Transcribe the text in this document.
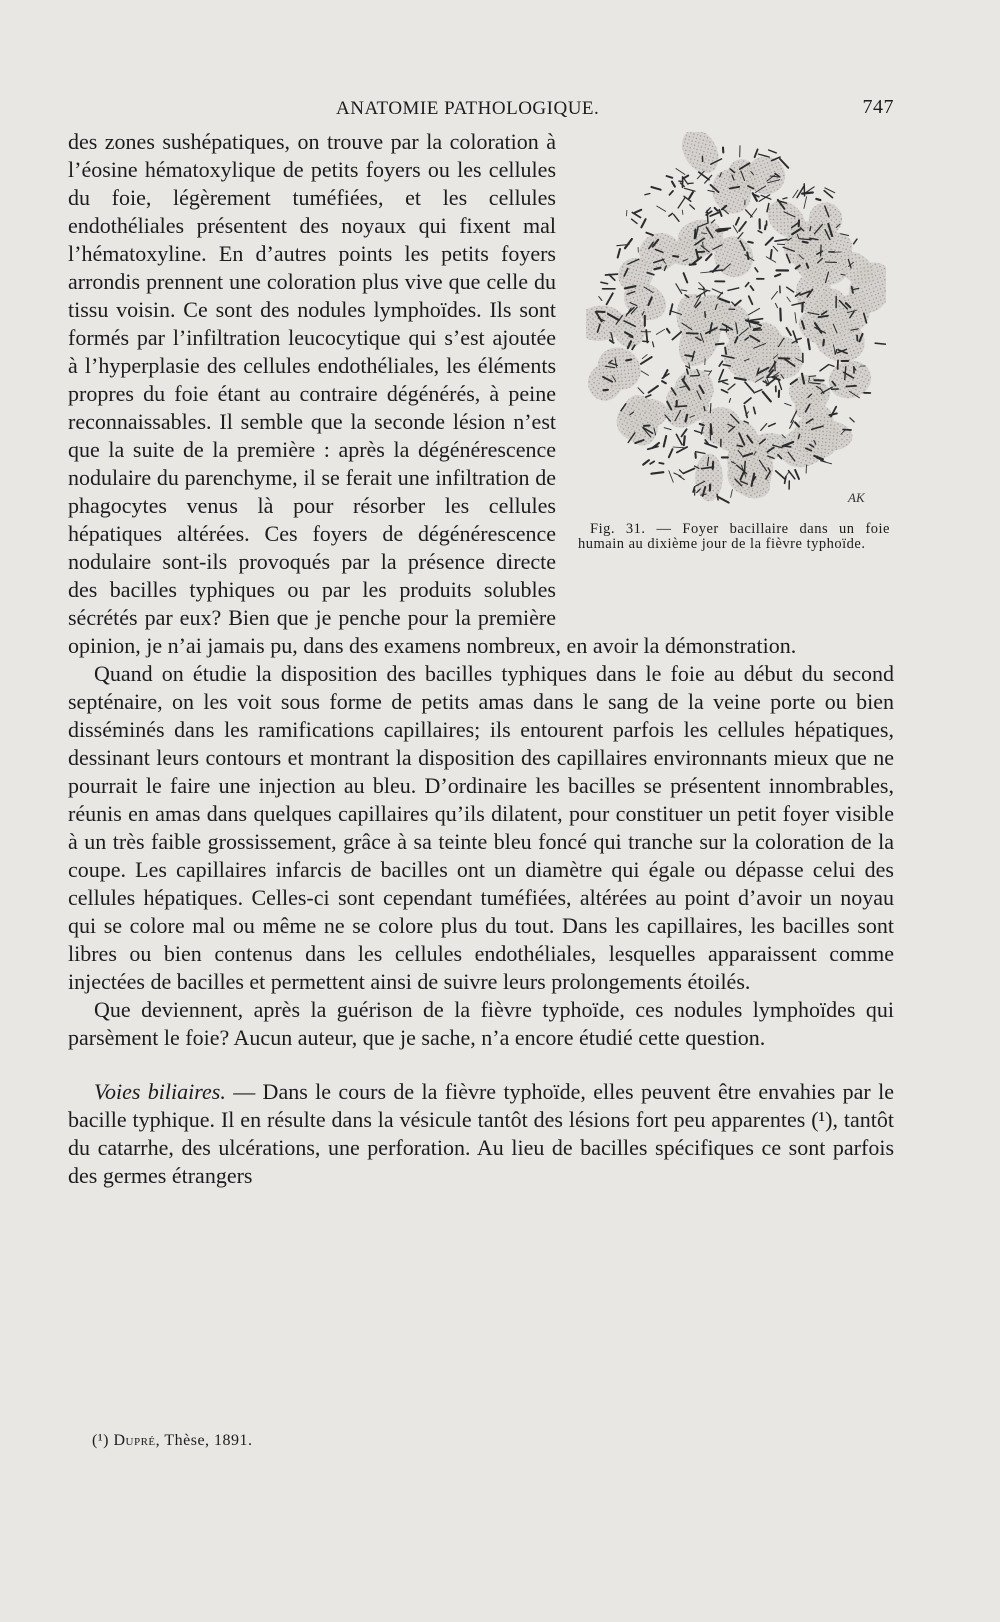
ANATOMIE PATHOLOGIQUE.	747

AK
Fig. 31. — Foyer bacillaire dans un foie humain au dixième jour de la fièvre typhoïde.
des zones sushépatiques, on trouve par la coloration à l’éosine hématoxylique de petits foyers ou les cellules du foie, légèrement tuméfiées, et les cellules endothéliales présentent des noyaux qui fixent mal l’hématoxyline. En d’autres points les petits foyers arrondis prennent une coloration plus vive que celle du tissu voisin. Ce sont des nodules lymphoïdes. Ils sont formés par l’infiltration leucocytique qui s’est ajoutée à l’hyperplasie des cellules endothéliales, les éléments propres du foie étant au contraire dégénérés, à peine reconnaissables. Il semble que la seconde lésion n’est que la suite de la première : après la dégénérescence nodulaire du parenchyme, il se ferait une infiltration de phagocytes venus là pour résorber les cellules hépatiques altérées. Ces foyers de dégénérescence nodulaire sont-ils provoqués par la présence directe des bacilles typhiques ou par les produits solubles sécrétés par eux? Bien que je penche pour la première opinion, je n’ai jamais pu, dans des examens nombreux, en avoir la démonstration.

Quand on étudie la disposition des bacilles typhiques dans le foie au début du second septénaire, on les voit sous forme de petits amas dans le sang de la veine porte ou bien disséminés dans les ramifications capillaires; ils entourent parfois les cellules hépatiques, dessinant leurs contours et montrant la disposition des capillaires environnants mieux que ne pourrait le faire une injection au bleu. D’ordinaire les bacilles se présentent innombrables, réunis en amas dans quelques capillaires qu’ils dilatent, pour constituer un petit foyer visible à un très faible grossissement, grâce à sa teinte bleu foncé qui tranche sur la coloration de la coupe. Les capillaires infarcis de bacilles ont un diamètre qui égale ou dépasse celui des cellules hépatiques. Celles-ci sont cependant tuméfiées, altérées au point d’avoir un noyau qui se colore mal ou même ne se colore plus du tout. Dans les capillaires, les bacilles sont libres ou bien contenus dans les cellules endothéliales, lesquelles apparaissent comme injectées de bacilles et permettent ainsi de suivre leurs prolongements étoilés.

Que deviennent, après la guérison de la fièvre typhoïde, ces nodules lymphoïdes qui parsèment le foie? Aucun auteur, que je sache, n’a encore étudié cette question.

Voies biliaires. — Dans le cours de la fièvre typhoïde, elles peuvent être envahies par le bacille typhique. Il en résulte dans la vésicule tantôt des lésions fort peu apparentes (¹), tantôt du catarrhe, des ulcérations, une perforation. Au lieu de bacilles spécifiques ce sont parfois des germes étrangers

(¹) Dupré, Thèse, 1891.
